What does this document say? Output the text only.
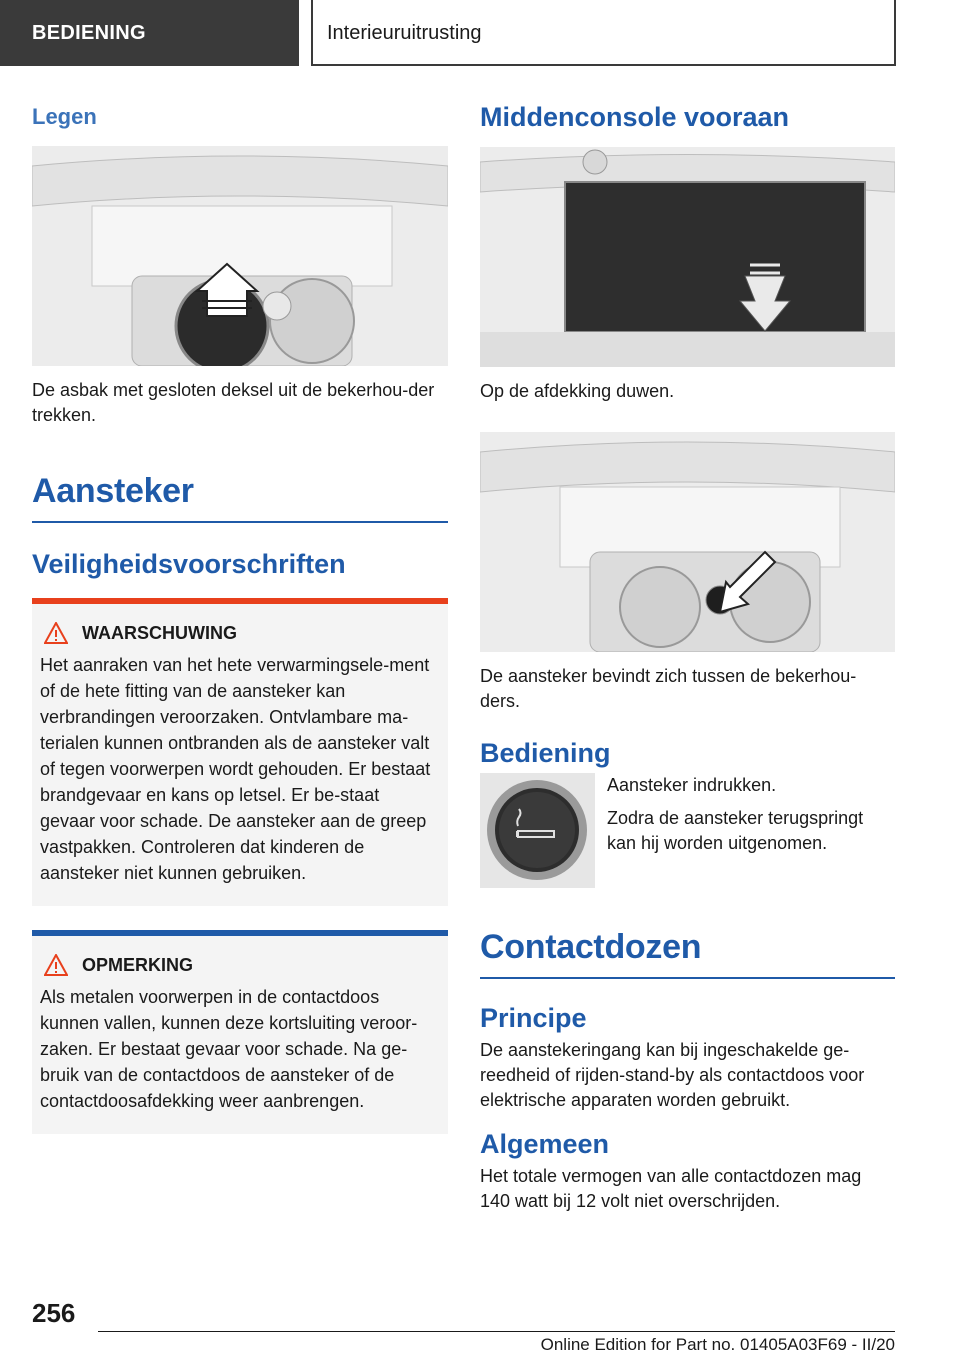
BEDIENING	Interieuruitrusting
Legen

De asbak met gesloten deksel uit de bekerhou-der trekken.

Aansteker
Veiligheidsvoorschriften
WAARSCHUWING

Het aanraken van het hete verwarmingsele-ment of de hete fitting van de aansteker kan verbrandingen veroorzaken. Ontvlambare ma-terialen kunnen ontbranden als de aansteker valt of tegen voorwerpen wordt gehouden. Er bestaat brandgevaar en kans op letsel. Er be-staat gevaar voor schade. De aansteker aan de greep vastpakken. Controleren dat kinderen de aansteker niet kunnen gebruiken.

OPMERKING

Als metalen voorwerpen in de contactdoos kunnen vallen, kunnen deze kortsluiting veroor-zaken. Er bestaat gevaar voor schade. Na ge-bruik van de contactdoos de aansteker of de contactdoosafdekking weer aanbrengen.

Middenconsole vooraan

Op de afdekking duwen.

De aansteker bevindt zich tussen de bekerhou-ders.

Bediening

Aansteker indrukken.

Zodra de aansteker terugspringt kan hij worden uitgenomen.

Contactdozen
Principe

De aanstekeringang kan bij ingeschakelde ge-reedheid of rijden-stand-by als contactdoos voor elektrische apparaten worden gebruikt.

Algemeen

Het totale vermogen van alle contactdozen mag 140 watt bij 12 volt niet overschrijden.

256
Online Edition for Part no. 01405A03F69 - II/20
